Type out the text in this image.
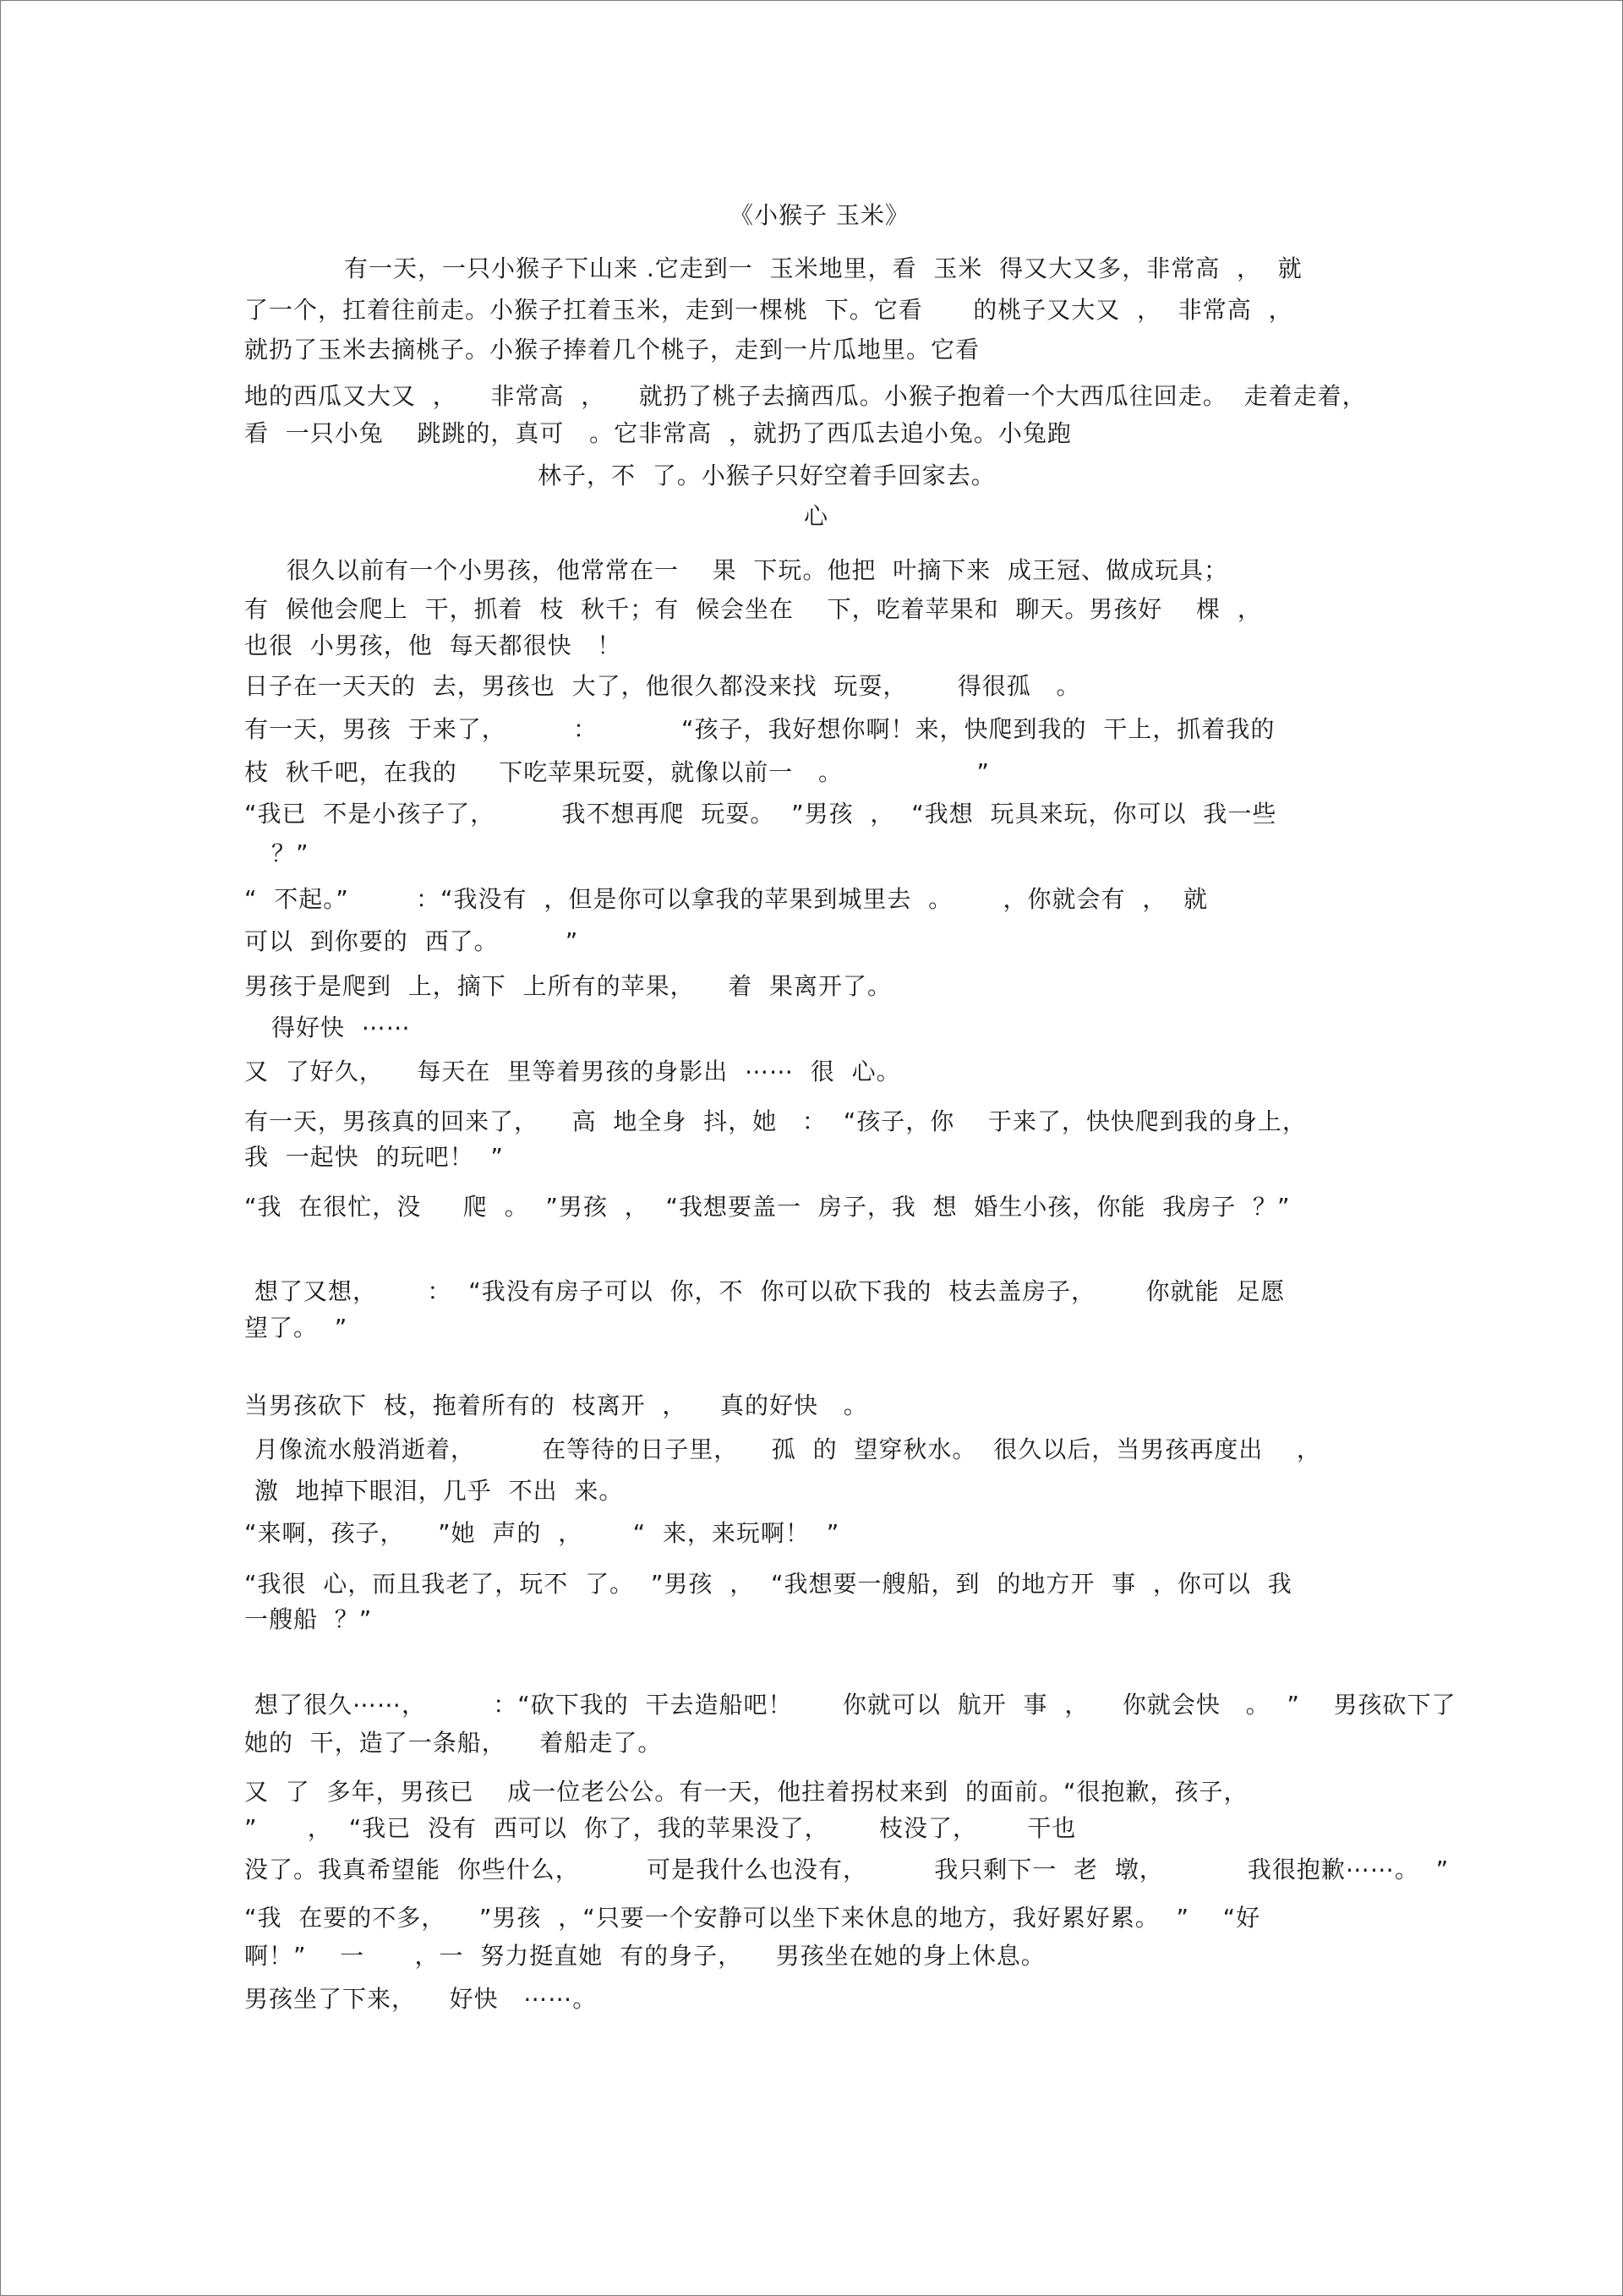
《小猴子 玉米》
有一天，一只小猴子下山来 .它走到一  玉米地里，看  玉米  得又大又多，非常高  ，  就
了一个，扛着往前走。小猴子扛着玉米，走到一棵桃  下。它看      的桃子又大又  ，  非常高  ，
就扔了玉米去摘桃子。小猴子捧着几个桃子，走到一片瓜地里。它看
地的西瓜又大又  ，    非常高  ，    就扔了桃子去摘西瓜。小猴子抱着一个大西瓜往回走。  走着走着，
看  一只小兔    跳跳的，真可   。它非常高  ，就扔了西瓜去追小兔。小兔跑
林子，不  了。小猴子只好空着手回家去。
心
很久以前有一个小男孩，他常常在一    果  下玩。他把  叶摘下来  成王冠、做成玩具；
有  候他会爬上  干，抓着  枝  秋千；有  候会坐在    下，吃着苹果和  聊天。男孩好    棵  ，
也很  小男孩，他  每天都很快   ！
日子在一天天的  去，男孩也  大了，他很久都没来找  玩耍，      得很孤   。
有一天，男孩  于来了，        ：          “孩子，我好想你啊！来，快爬到我的  干上，抓着我的
枝  秋千吧，在我的     下吃苹果玩耍，就像以前一   。                ”
“我已  不是小孩子了，        我不想再爬  玩耍。  ”男孩  ，  “我想  玩具来玩，你可以  我一些
？”
“  不起。”        ：“我没有  ，但是你可以拿我的苹果到城里去  。      ，你就会有  ，  就
可以  到你要的  西了。        ”
男孩于是爬到  上，摘下  上所有的苹果，    着  果离开了。
得好快  ⋯⋯
又  了好久，    每天在  里等着男孩的身影出  ⋯⋯  很  心。
有一天，男孩真的回来了，    高  地全身  抖，她   ：  “孩子，你    于来了，快快爬到我的身上，
我  一起快  的玩吧！  ”
“我  在很忙，没     爬  。  ”男孩  ，  “我想要盖一  房子，我  想  婚生小孩，你能  我房子  ？”
想了又想，      ：  “我没有房子可以  你，不  你可以砍下我的  枝去盖房子，      你就能  足愿
望了。  ”
当男孩砍下  枝，拖着所有的  枝离开  ，    真的好快   。
月像流水般消逝着，        在等待的日子里，    孤  的  望穿秋水。  很久以后，当男孩再度出    ，
激  地掉下眼泪，几乎  不出  来。
“来啊，孩子，    ”她  声的  ，      “  来，来玩啊！  ”
“我很  心，而且我老了，玩不  了。  ”男孩  ，  “我想要一艘船，到  的地方开  事  ，你可以  我
一艘船  ？”
想了很久⋯⋯，        ：“砍下我的  干去造船吧！      你就可以  航开  事  ，    你就会快   。  ”    男孩砍下了
她的  干，造了一条船，    着船走了。
又  了  多年，男孩已    成一位老公公。有一天，他拄着拐杖来到  的面前。“很抱歉，孩子，
”      ，  “我已  没有  西可以  你了，我的苹果没了，      枝没了，      干也
没了。我真希望能  你些什么，        可是我什么也没有，        我只剩下一  老  墩，          我很抱歉⋯⋯。  ”
“我  在要的不多，    ”男孩  ，“只要一个安静可以坐下来休息的地方，我好累好累。  ”    “好
啊！”    一      ，一  努力挺直她  有的身子，    男孩坐在她的身上休息。
男孩坐了下来，    好快   ⋯⋯。
